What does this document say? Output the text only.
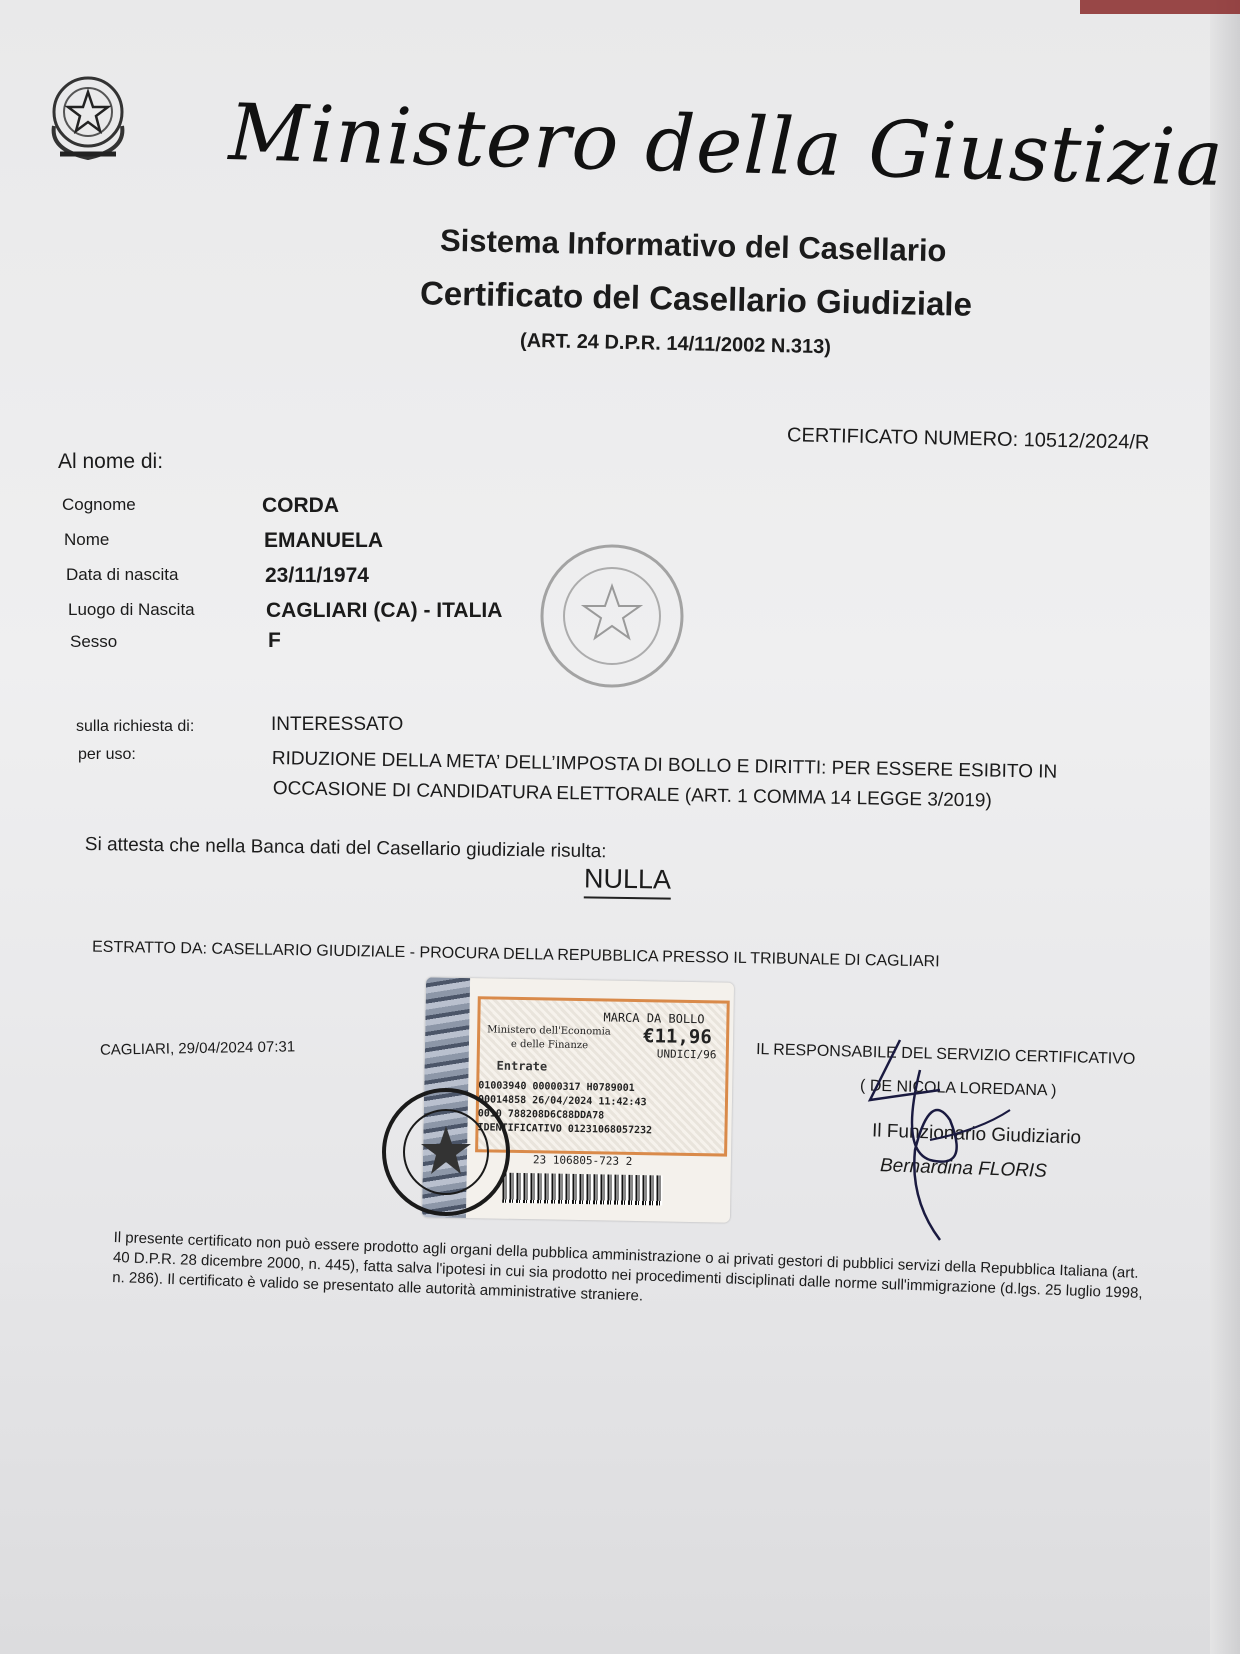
Ministero della Giustizia
Sistema Informativo del Casellario
Certificato del Casellario Giudiziale
(ART. 24 D.P.R. 14/11/2002 N.313)
CERTIFICATO NUMERO: 10512/2024/R
Al nome di:
Cognome	CORDA
Nome	EMANUELA
Data di nascita	23/11/1974
Luogo di Nascita	CAGLIARI (CA) - ITALIA
Sesso	F
sulla richiesta di:	INTERESSATO
per uso:	RIDUZIONE DELLA META’ DELL’IMPOSTA DI BOLLO E DIRITTI: PER ESSERE ESIBITO IN
OCCASIONE DI CANDIDATURA ELETTORALE (ART. 1 COMMA 14 LEGGE 3/2019)
Si attesta che nella Banca dati del Casellario giudiziale risulta:
NULLA
ESTRATTO DA: CASELLARIO GIUDIZIALE - PROCURA DELLA REPUBBLICA PRESSO IL TRIBUNALE DI CAGLIARI
CAGLIARI, 29/04/2024 07:31
Ministero dell'Economia
e delle Finanze
MARCA DA BOLLO
€11,96
UNDICI/96
Entrate
01003940 00000317 H0789001
00014858 26/04/2024 11:42:43
0010 788208D6C88DDA78
IDENTIFICATIVO 01231068057232
23 106805-723 2
IL RESPONSABILE DEL SERVIZIO CERTIFICATIVO
( DE NICOLA LOREDANA )
Il Funzionario Giudiziario
Bernardina FLORIS
Il presente certificato non può essere prodotto agli organi della pubblica amministrazione o ai privati gestori di pubblici servizi della Repubblica Italiana (art. 40 D.P.R. 28 dicembre 2000, n. 445), fatta salva l'ipotesi in cui sia prodotto nei procedimenti disciplinati dalle norme sull'immigrazione (d.lgs. 25 luglio 1998, n. 286). Il certificato è valido se presentato alle autorità amministrative straniere.
